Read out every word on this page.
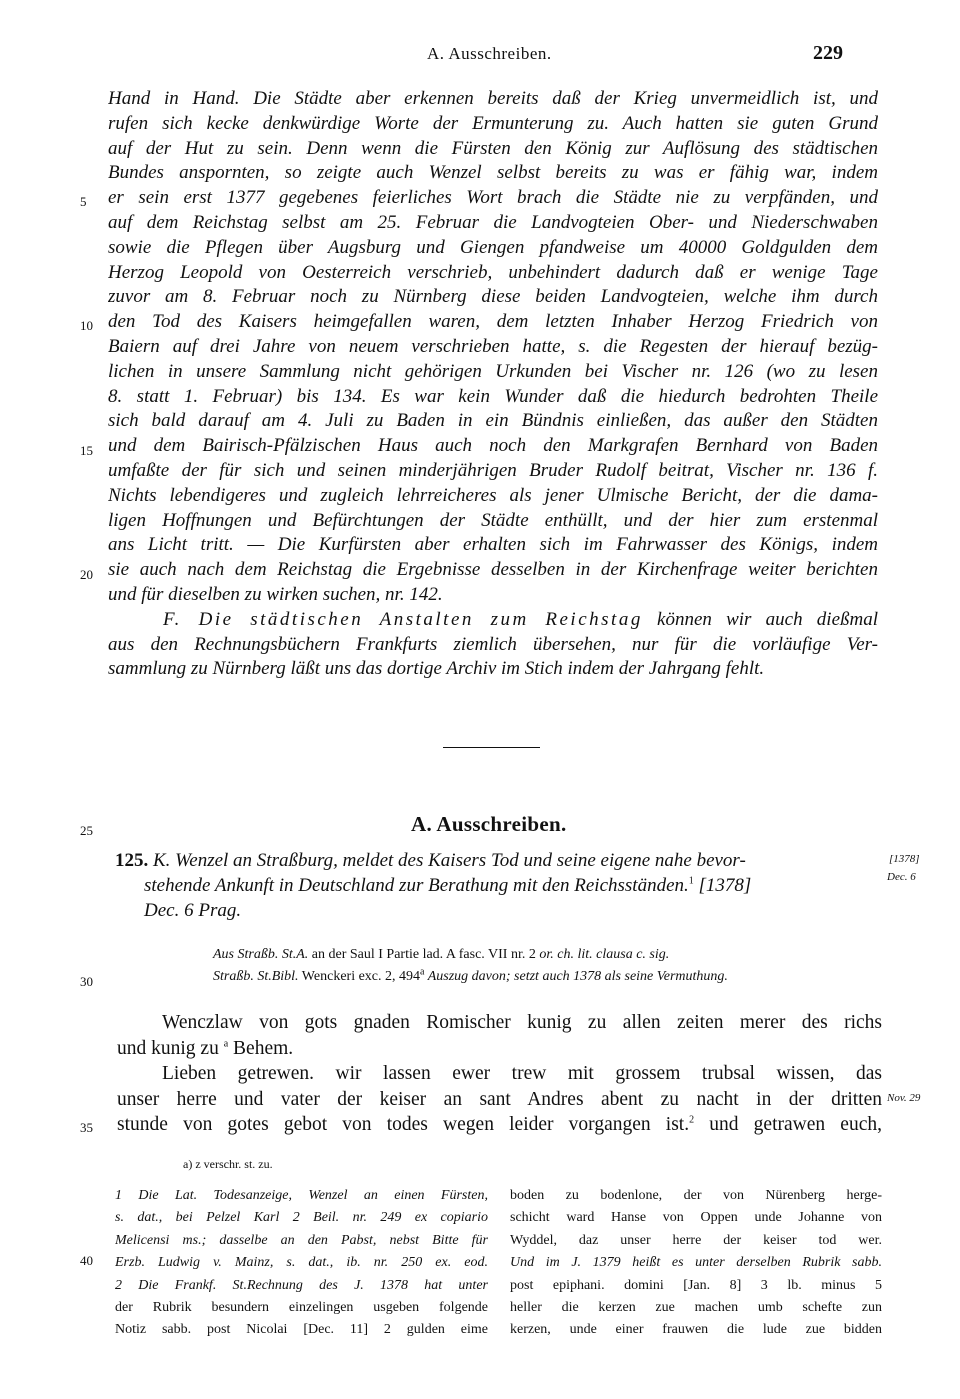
A. Ausschreiben.	229

Hand in Hand. Die Städte aber erkennen bereits daß der Krieg unvermeidlich ist, und

rufen sich kecke denkwürdige Worte der Ermunterung zu. Auch hatten sie guten Grund

auf der Hut zu sein. Denn wenn die Fürsten den König zur Auflösung des städtischen

Bundes anspornten, so zeigte auch Wenzel selbst bereits zu was er fähig war, indem

er sein erst 1377 gegebenes feierliches Wort brach die Städte nie zu verpfänden, und

auf dem Reichstag selbst am 25. Februar die Landvogteien Ober- und Niederschwaben

sowie die Pflegen über Augsburg und Giengen pfandweise um 40000 Goldgulden dem

Herzog Leopold von Oesterreich verschrieb, unbehindert dadurch daß er wenige Tage

zuvor am 8. Februar noch zu Nürnberg diese beiden Landvogteien, welche ihm durch

den Tod des Kaisers heimgefallen waren, dem letzten Inhaber Herzog Friedrich von

Baiern auf drei Jahre von neuem verschrieben hatte, s. die Regesten der hierauf bezüg-

lichen in unsere Sammlung nicht gehörigen Urkunden bei Vischer nr. 126 (wo zu lesen

8. statt 1. Februar) bis 134. Es war kein Wunder daß die hiedurch bedrohten Theile

sich bald darauf am 4. Juli zu Baden in ein Bündnis einließen, das außer den Städten

und dem Bairisch-Pfälzischen Haus auch noch den Markgrafen Bernhard von Baden

umfaßte der für sich und seinen minderjährigen Bruder Rudolf beitrat, Vischer nr. 136 f.

Nichts lebendigeres und zugleich lehrreicheres als jener Ulmische Bericht, der die dama-

ligen Hoffnungen und Befürchtungen der Städte enthüllt, und der hier zum erstenmal

ans Licht tritt. — Die Kurfürsten aber erhalten sich im Fahrwasser des Königs, indem

sie auch nach dem Reichstag die Ergebnisse desselben in der Kirchenfrage weiter berichten

und für dieselben zu wirken suchen, nr. 142.

F. Die städtischen Anstalten zum Reichstag können wir auch dießmal

aus den Rechnungsbüchern Frankfurts ziemlich übersehen, nur für die vorläufige Ver-

sammlung zu Nürnberg läßt uns das dortige Archiv im Stich indem der Jahrgang fehlt.

5
10
15
20
25
30
35
40
A. Ausschreiben.
125. K. Wenzel an Straßburg, meldet des Kaisers Tod und seine eigene nahe bevor-
stehende Ankunft in Deutschland zur Berathung mit den Reichsständen.$^1$ [1378]
Dec. 6 Prag.
[1378]
Dec. 6
Aus Straßb. St.A. an der Saul I Partie lad. A fasc. VII nr. 2 or. ch. lit. clausa c. sig.
Straßb. St.Bibl. Wenckeri exc. 2, 494$^a$ Auszug davon; setzt auch 1378 als seine Vermuthung.
Wenczlaw von gots gnaden Romischer kunig zu allen zeiten merer des richs
und kunig zu $^a$ Behem.
Lieben getrewen. wir lassen ewer trew mit grossem trubsal wissen, das
unser herre und vater der keiser an sant Andres abent zu nacht in der dritten
stunde von gotes gebot von todes wegen leider vorgangen ist.$^2$ und getrawen euch,
Nov. 29
a) z verschr. st. zu.
1 Die Lat. Todesanzeige, Wenzel an einen Fürsten,
s. dat., bei Pelzel Karl 2 Beil. nr. 249 ex copiario
Melicensi ms.; dasselbe an den Pabst, nebst Bitte für
Erzb. Ludwig v. Mainz, s. dat., ib. nr. 250 ex. eod.
2 Die Frankf. St.Rechnung des J. 1378 hat unter
der Rubrik besundern einzelingen usgeben folgende
Notiz sabb. post Nicolai [Dec. 11] 2 gulden eime
boden zu bodenlone, der von Nürenberg herge-
schicht ward Hanse von Oppen unde Johanne von
Wyddel, daz unser herre der keiser tod wer.
Und im J. 1379 heißt es unter derselben Rubrik sabb.
post epiphani. domini [Jan. 8] 3 lb. minus 5
heller die kerzen zue machen umb schefte zun
kerzen, unde einer frauwen die lude zue bidden
